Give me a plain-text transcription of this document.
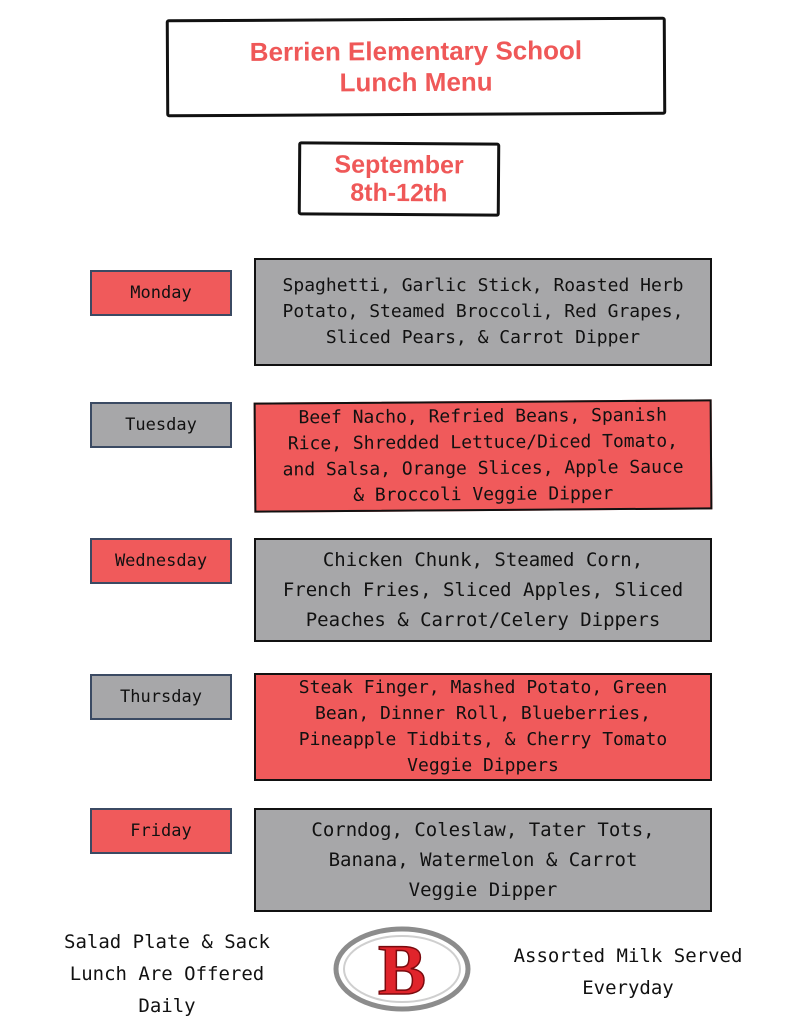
Berrien Elementary School
Lunch Menu
September
8th-12th
Monday	Spaghetti, Garlic Stick, Roasted Herb
Potato, Steamed Broccoli, Red Grapes,
Sliced Pears, & Carrot Dipper
Tuesday	Beef Nacho, Refried Beans, Spanish
Rice, Shredded Lettuce/Diced Tomato,
and Salsa, Orange Slices, Apple Sauce
& Broccoli Veggie Dipper
Wednesday	Chicken Chunk, Steamed Corn,
French Fries, Sliced Apples, Sliced
Peaches & Carrot/Celery Dippers
Thursday	Steak Finger, Mashed Potato, Green
Bean, Dinner Roll, Blueberries,
Pineapple Tidbits, & Cherry Tomato
Veggie Dippers
Friday	Corndog, Coleslaw, Tater Tots,
Banana, Watermelon & Carrot
Veggie Dipper
Salad Plate & Sack
Lunch Are Offered
Daily	B	Assorted Milk Served
Everyday
